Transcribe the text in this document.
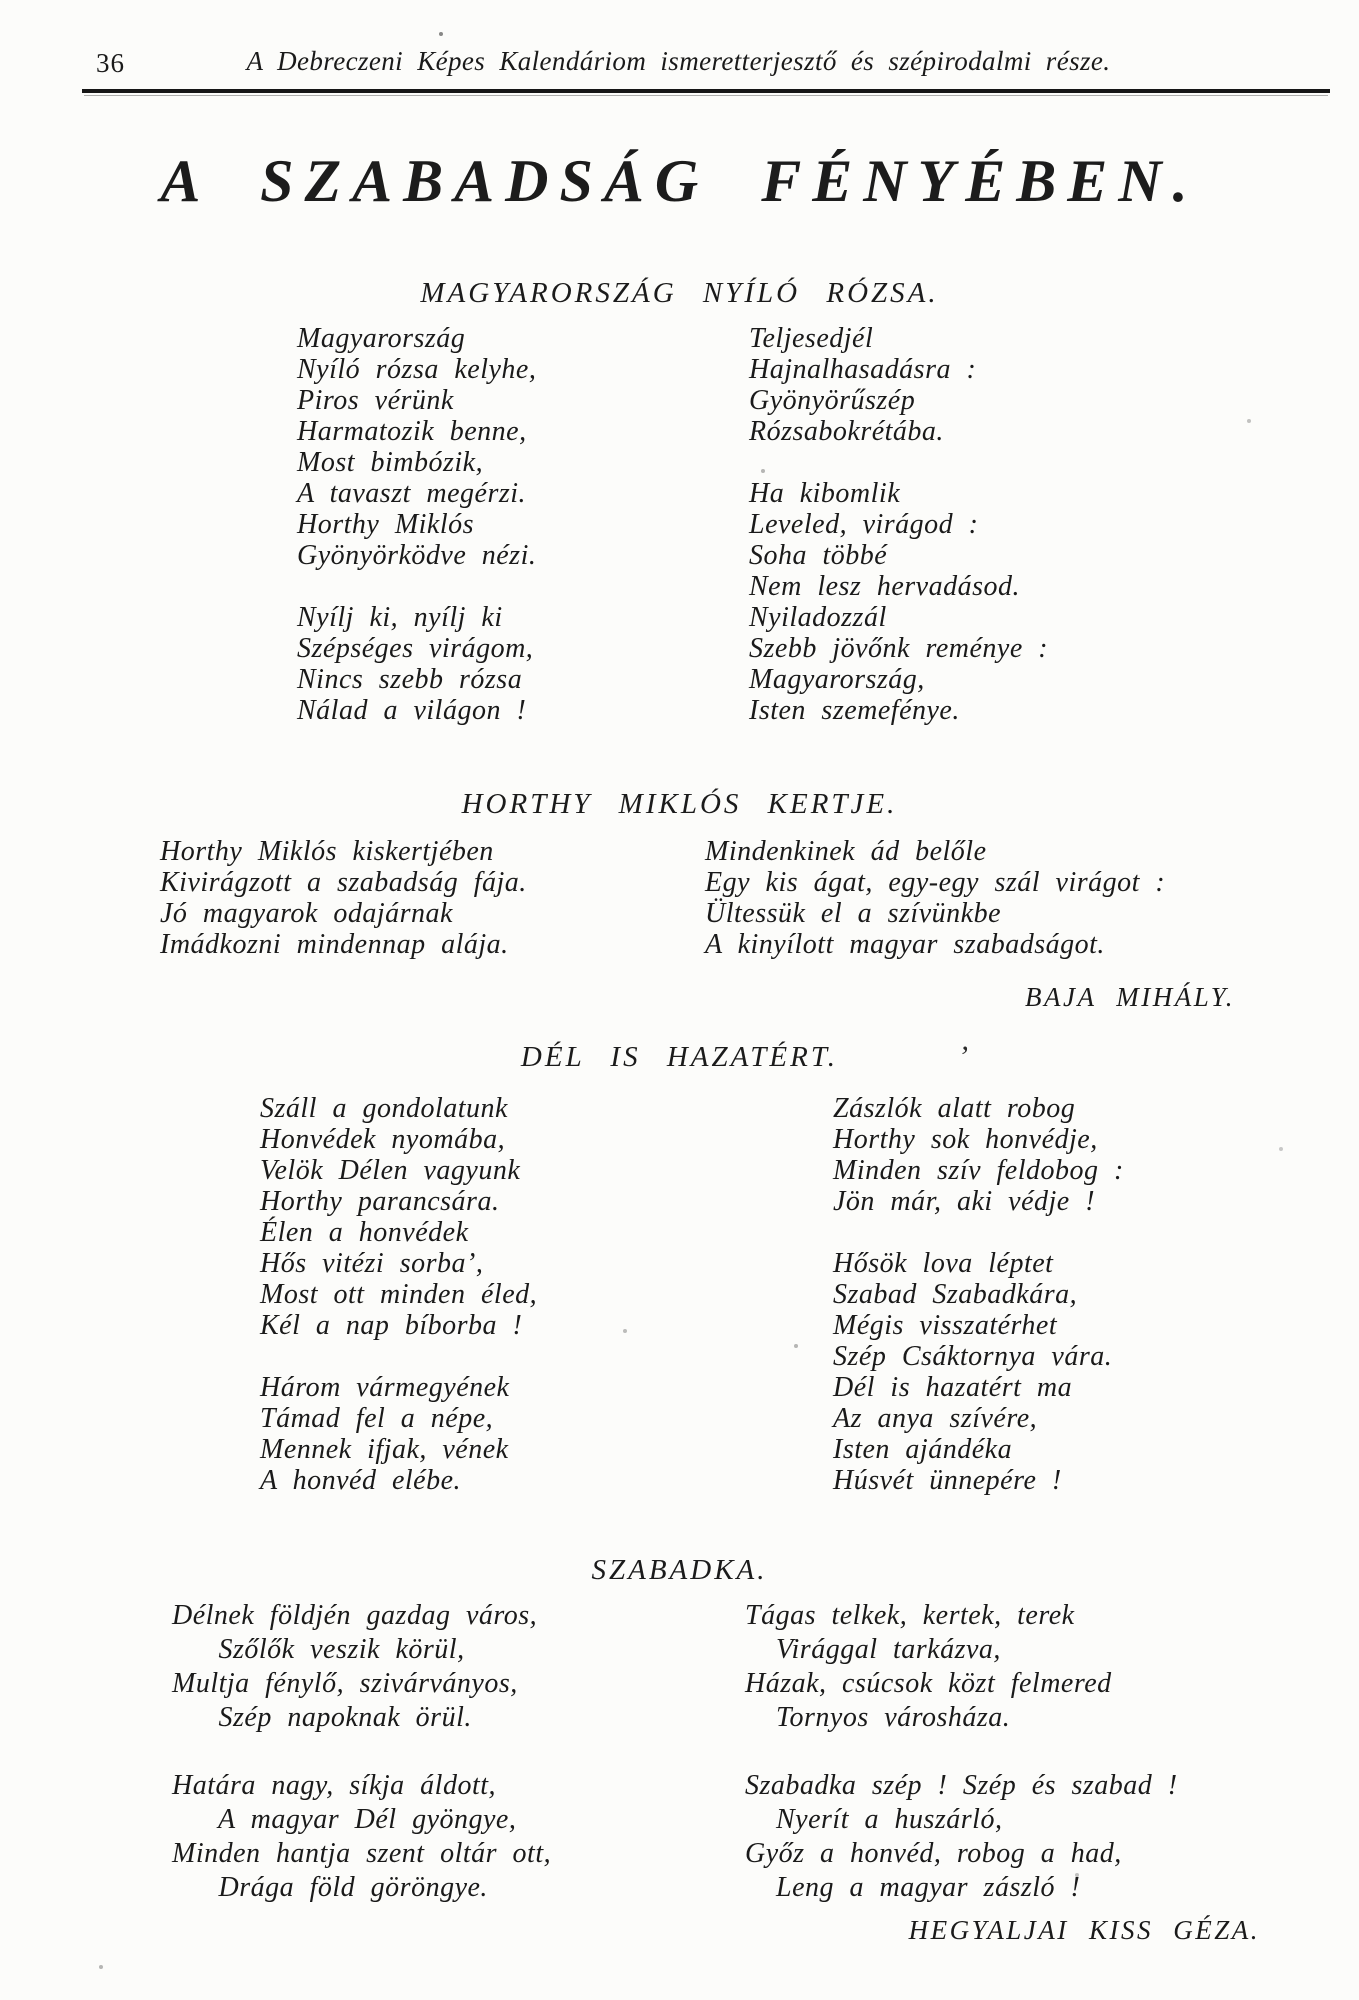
36	A Debreczeni Képes Kalendáriom ismeretterjesztő és szépirodalmi része.
A SZABADSÁG FÉNYÉBEN.
MAGYARORSZÁG NYÍLÓ RÓZSA.
Magyarország
Nyíló rózsa kelyhe,
Piros vérünk
Harmatozik benne,
Most bimbózik,
A tavaszt megérzi.
Horthy Miklós
Gyönyörködve nézi.
Nyílj ki, nyílj ki
Szépséges virágom,
Nincs szebb rózsa
Nálad a világon !
Teljesedjél
Hajnalhasadásra :
Gyönyörűszép
Rózsabokrétába.
Ha kibomlik
Leveled, virágod :
Soha többé
Nem lesz hervadásod.
Nyiladozzál
Szebb jövőnk reménye :
Magyarország,
Isten szemefénye.
HORTHY MIKLÓS KERTJE.
Horthy Miklós kiskertjében
Kivirágzott a szabadság fája.
Jó magyarok odajárnak
Imádkozni mindennap alája.
Mindenkinek ád belőle
Egy kis ágat, egy-egy szál virágot :
Ültessük el a szívünkbe
A kinyílott magyar szabadságot.
BAJA MIHÁLY.
DÉL IS HAZATÉRT.	’
Száll a gondolatunk
Honvédek nyomába,
Velök Délen vagyunk
Horthy parancsára.
Élen a honvédek
Hős vitézi sorba’,
Most ott minden éled,
Kél a nap bíborba !
Három vármegyének
Támad fel a népe,
Mennek ifjak, vének
A honvéd elébe.
Zászlók alatt robog
Horthy sok honvédje,
Minden szív feldobog :
Jön már, aki védje !
Hősök lova léptet
Szabad Szabadkára,
Mégis visszatérhet
Szép Csáktornya vára.
Dél is hazatért ma
Az anya szívére,
Isten ajándéka
Húsvét ünnepére !
SZABADKA.
Délnek földjén gazdag város,
Szőlők veszik körül,
Multja fénylő, szivárványos,
Szép napoknak örül.
Határa nagy, síkja áldott,
A magyar Dél gyöngye,
Minden hantja szent oltár ott,
Drága föld göröngye.
Tágas telkek, kertek, terek
Virággal tarkázva,
Házak, csúcsok közt felmered
Tornyos városháza.
Szabadka szép ! Szép és szabad !
Nyerít a huszárló,
Győz a honvéd, robog a had,
Leng a magyar zászló !
HEGYALJAI KISS GÉZA.
